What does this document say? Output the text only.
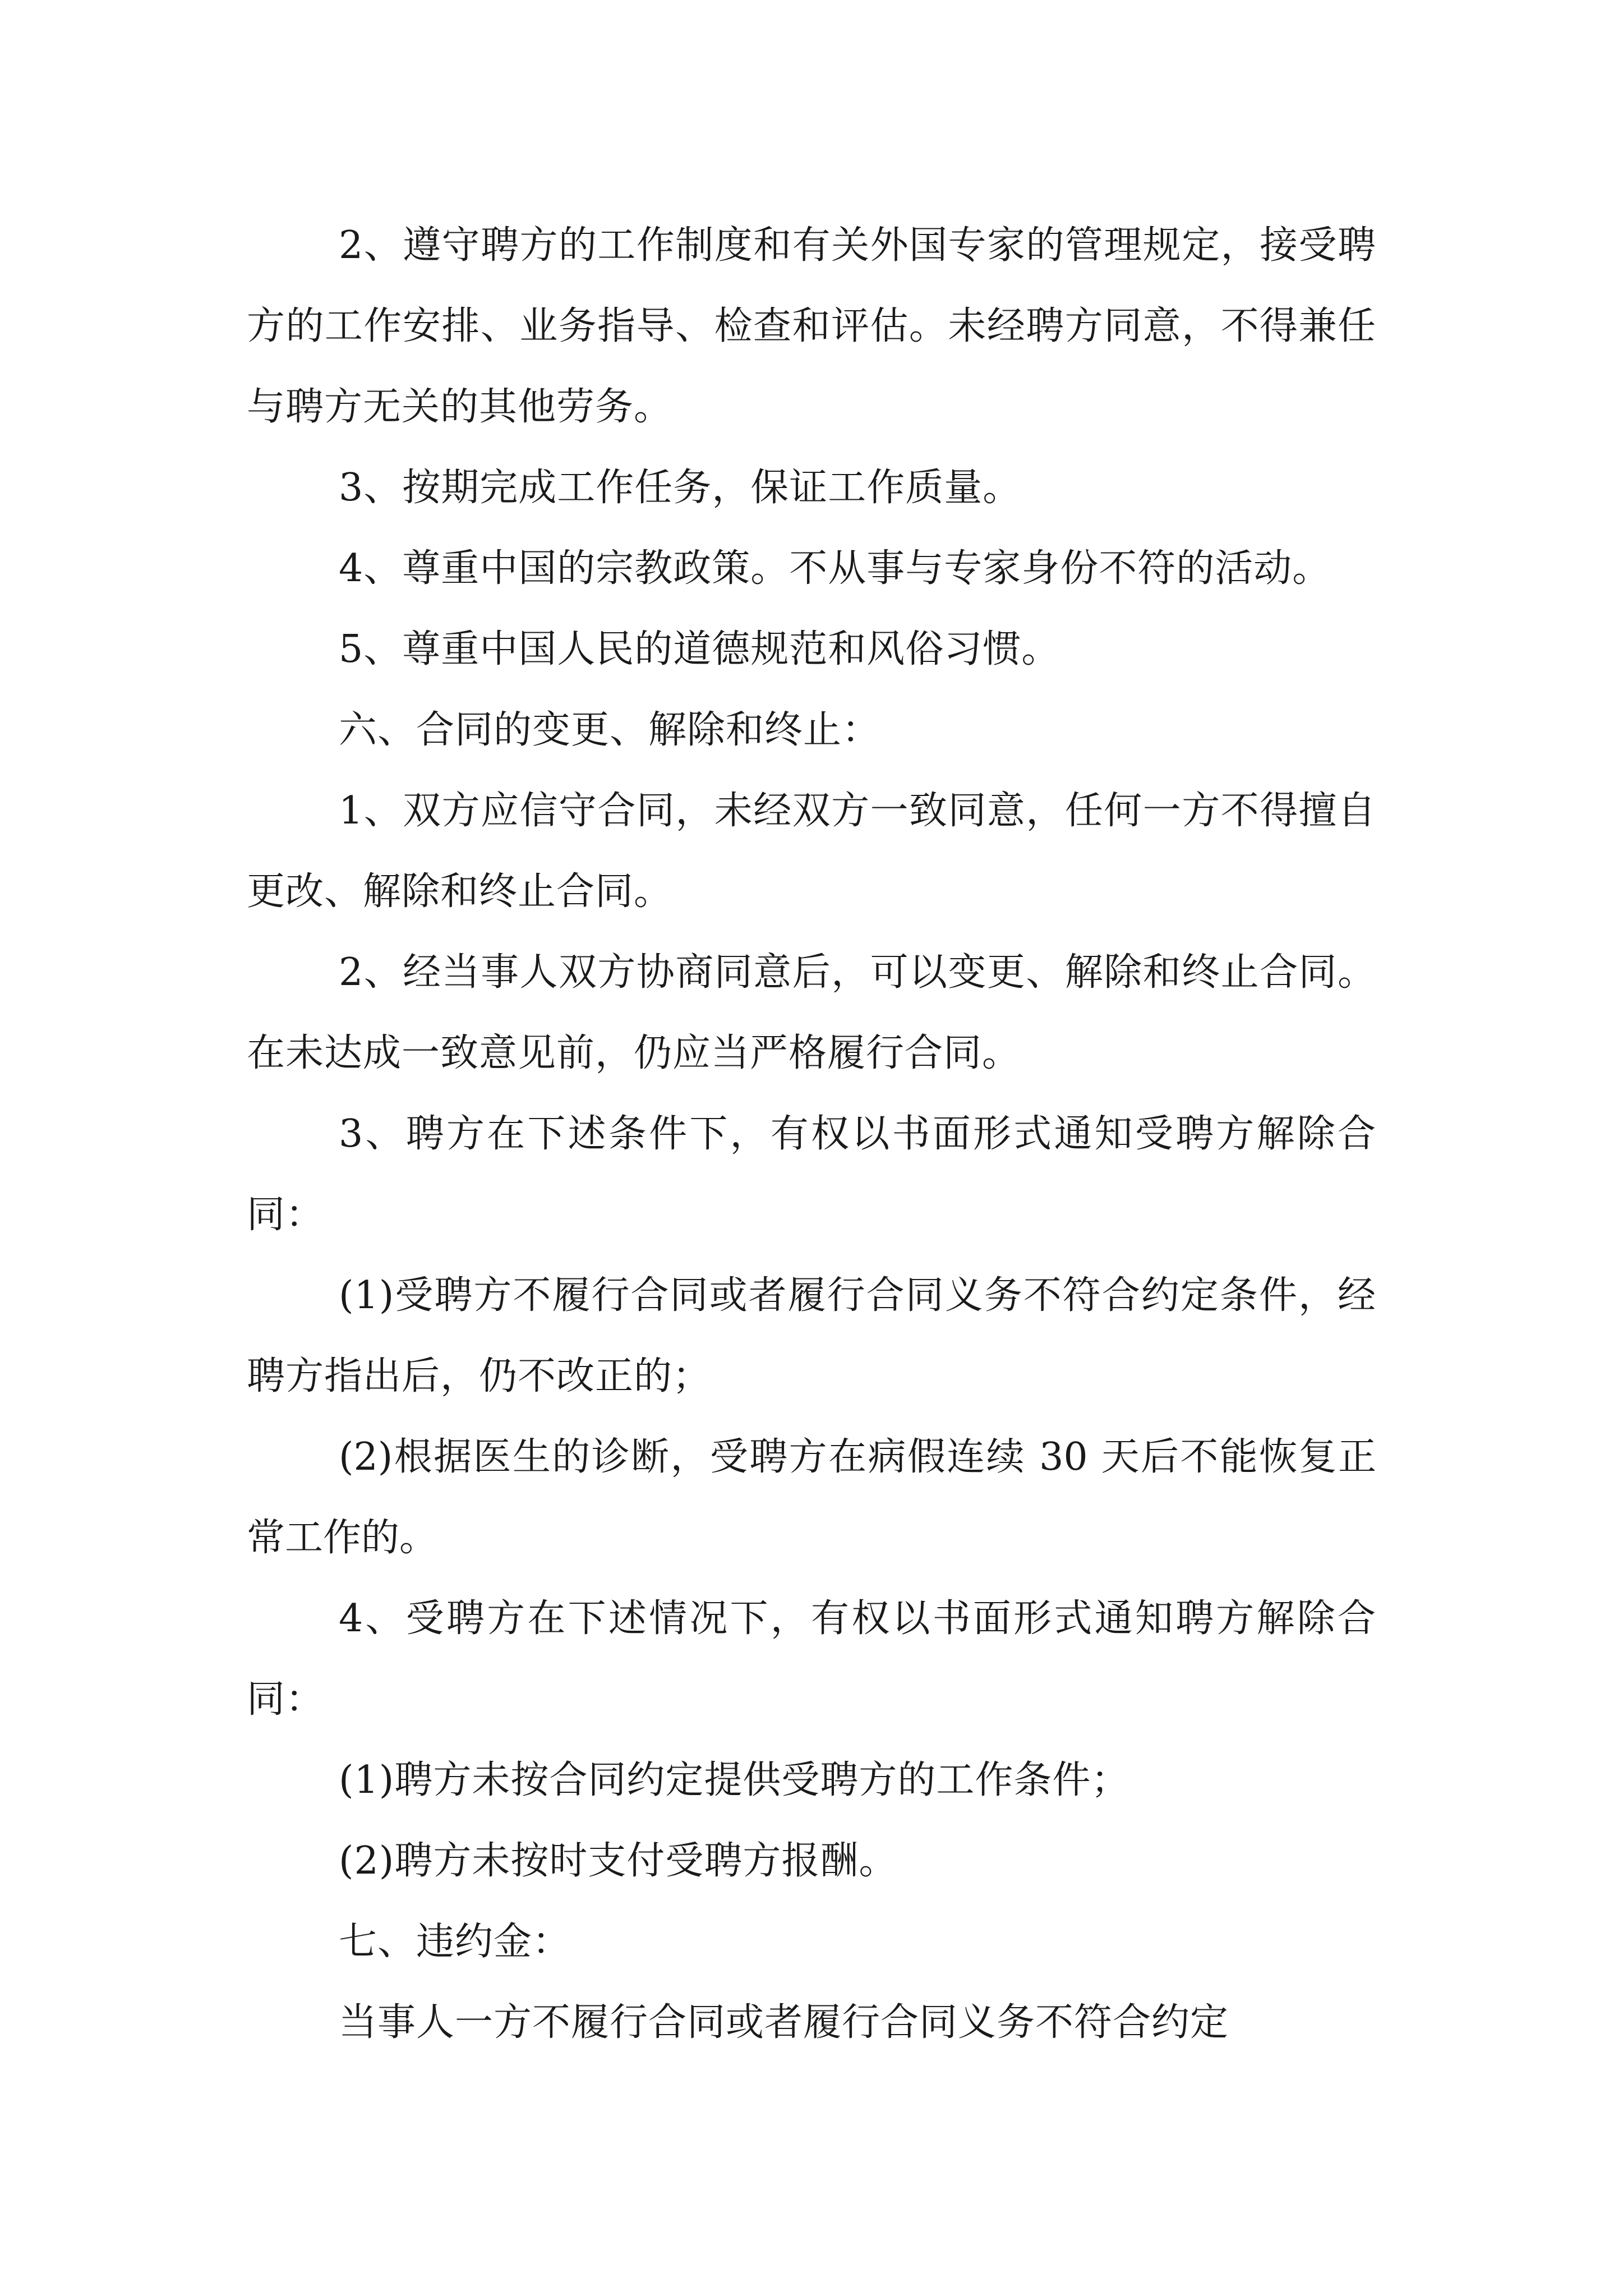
2、遵守聘方的工作制度和有关外国专家的管理规定，接受聘方的工作安排、业务指导、检查和评估。未经聘方同意，不得兼任与聘方无关的其他劳务。

3、按期完成工作任务，保证工作质量。

4、尊重中国的宗教政策。不从事与专家身份不符的活动。

5、尊重中国人民的道德规范和风俗习惯。

六、合同的变更、解除和终止：

1、双方应信守合同，未经双方一致同意，任何一方不得擅自更改、解除和终止合同。

2、经当事人双方协商同意后，可以变更、解除和终止合同。在未达成一致意见前，仍应当严格履行合同。

3、聘方在下述条件下，有权以书面形式通知受聘方解除合同：

(1)受聘方不履行合同或者履行合同义务不符合约定条件，经聘方指出后，仍不改正的；

(2)根据医生的诊断，受聘方在病假连续 30 天后不能恢复正常工作的。

4、受聘方在下述情况下，有权以书面形式通知聘方解除合同：

(1)聘方未按合同约定提供受聘方的工作条件；

(2)聘方未按时支付受聘方报酬。

七、违约金：

当事人一方不履行合同或者履行合同义务不符合约定
